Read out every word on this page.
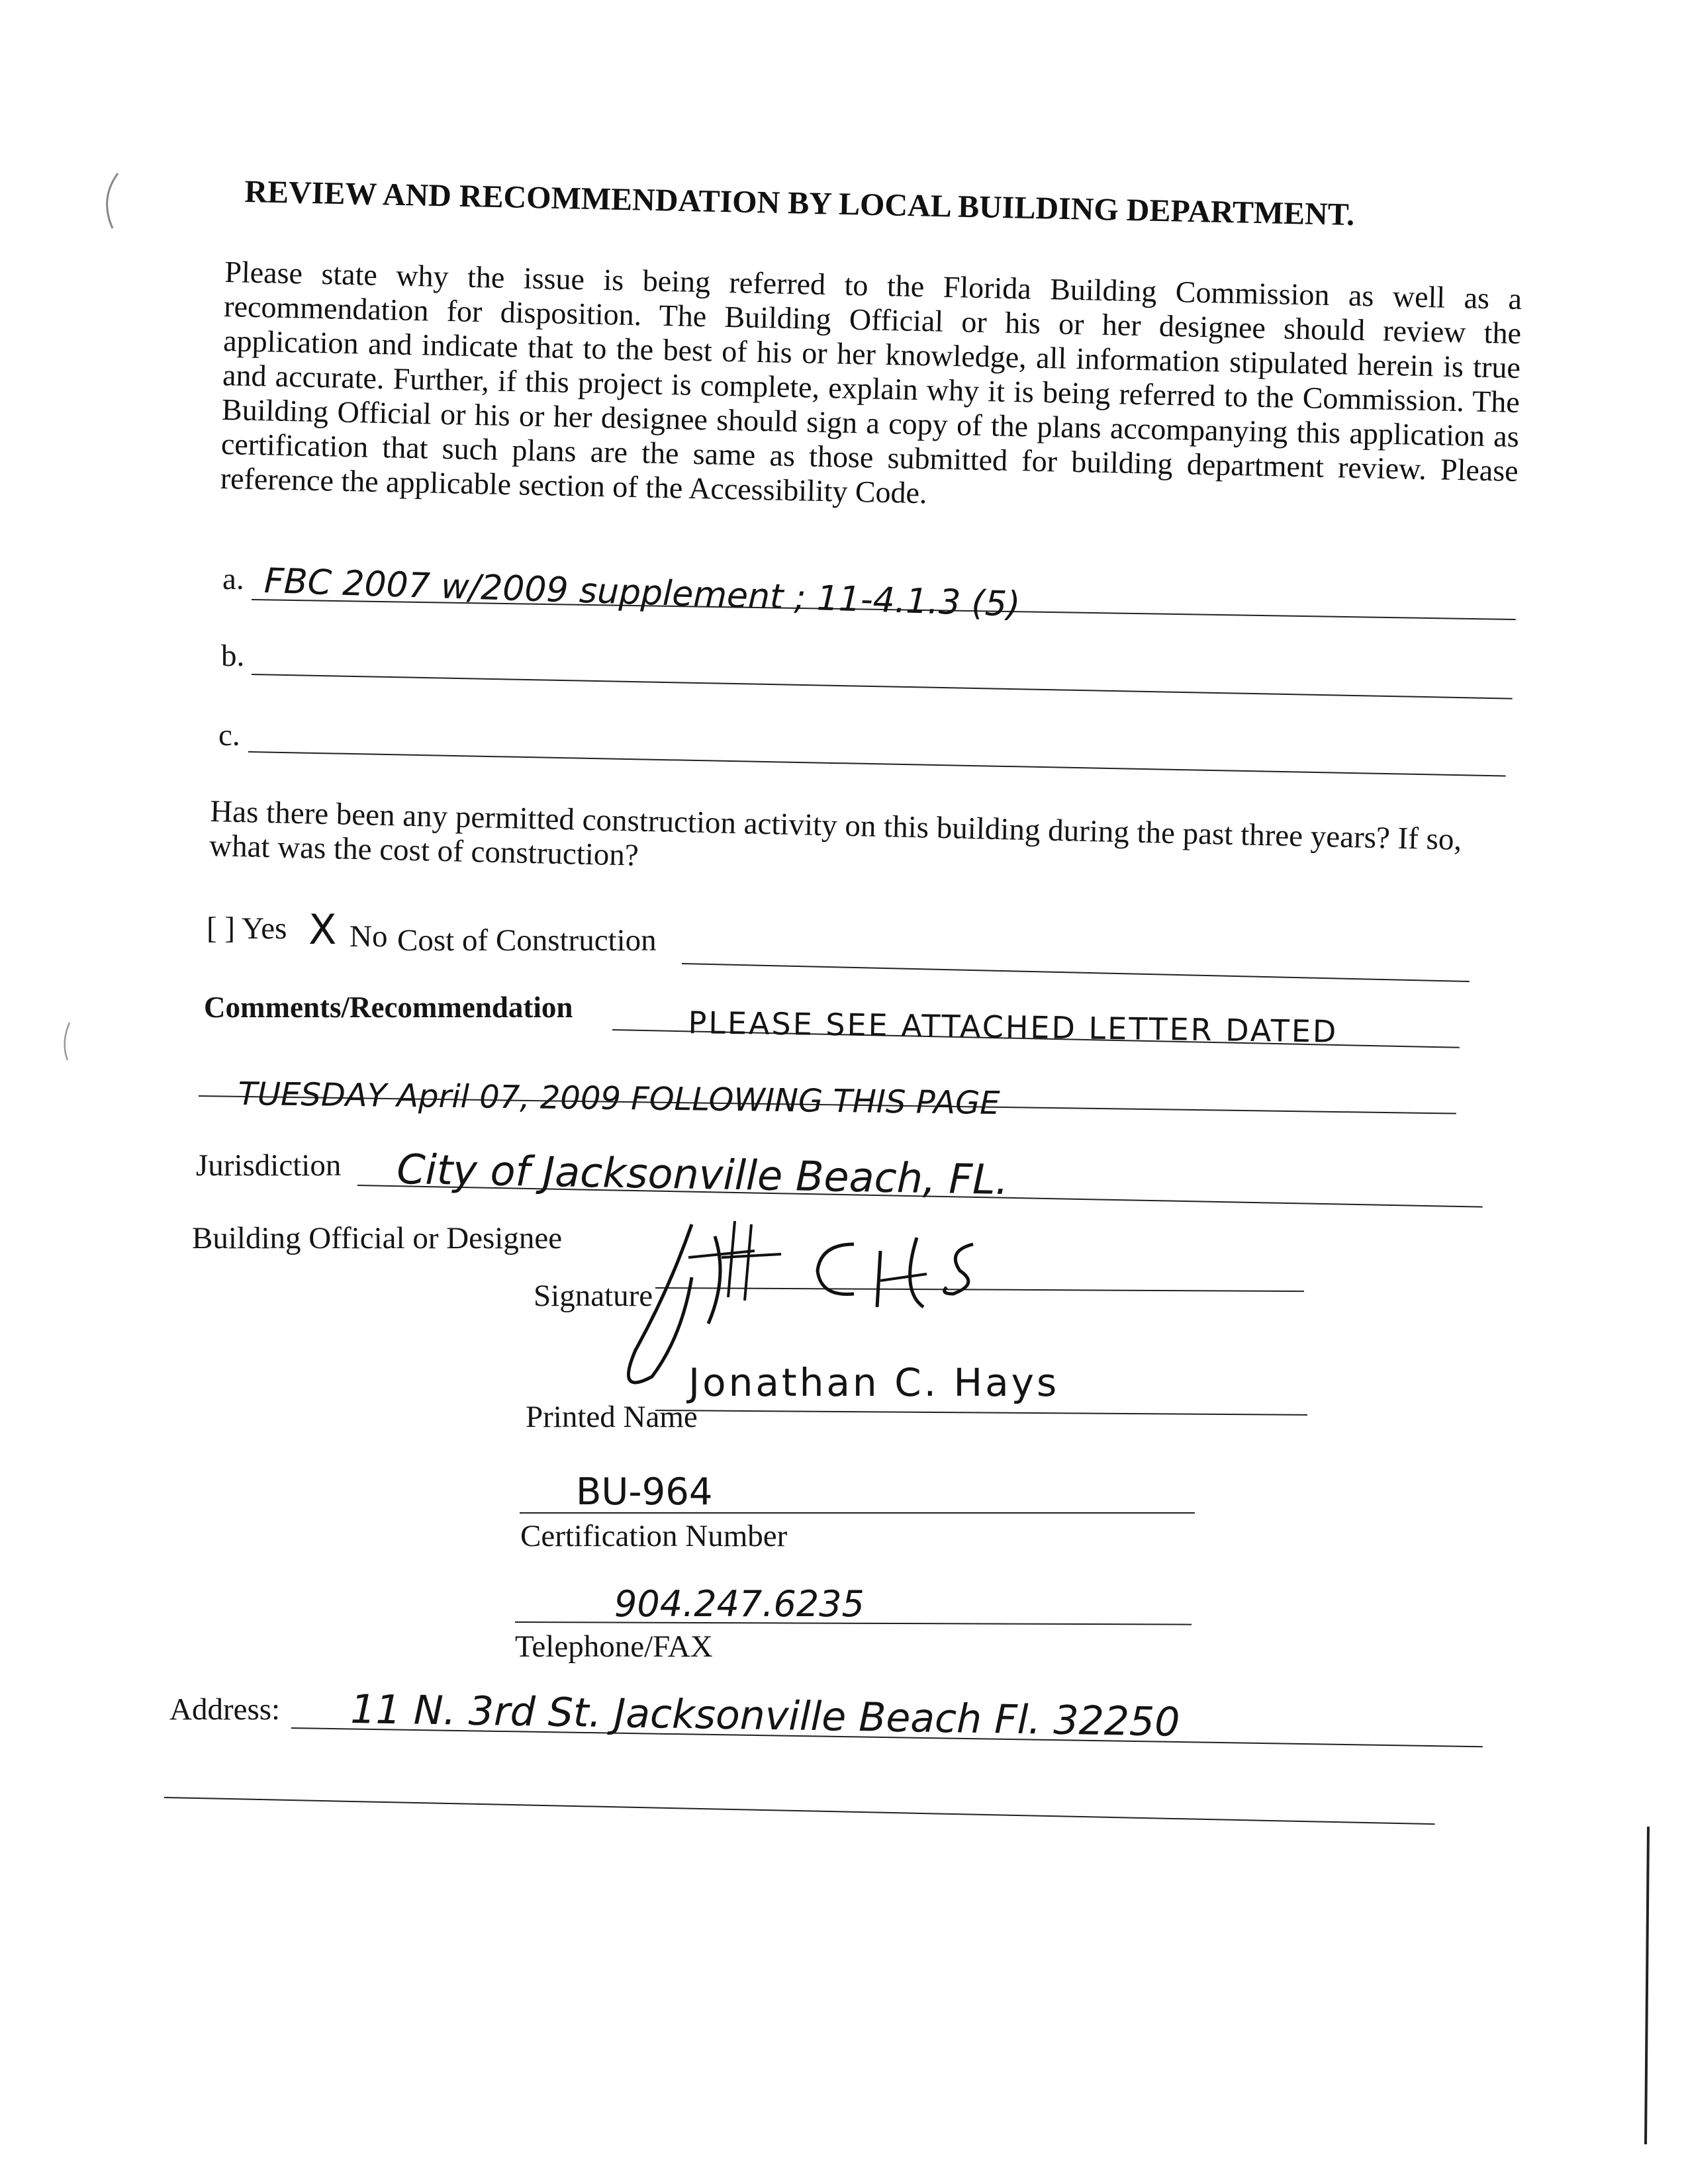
REVIEW AND RECOMMENDATION BY LOCAL BUILDING DEPARTMENT.

Please state why the issue is being referred to the Florida Building Commission as well as a recommendation for disposition. The Building Official or his or her designee should review the application and indicate that to the best of his or her knowledge, all information stipulated herein is true and accurate. Further, if this project is complete, explain why it is being referred to the Commission. The Building Official or his or her designee should sign a copy of the plans accompanying this application as certification that such plans are the same as those submitted for building department review. Please reference the applicable section of the Accessibility Code.

a. FBC 2007 w/2009 supplement ; 11-4.1.3 (5)
b.
c.
Has there been any permitted construction activity on this building during the past three years? If so, what was the cost of construction?
[ ] Yes No
X Cost of Construction
Comments/Recommendation	PLEASE SEE ATTACHED LETTER DATED
TUESDAY April 07, 2009 FOLLOWING THIS PAGE
Jurisdiction City of Jacksonville Beach, FL.
Building Official or Designee
Signature
Printed Name
Jonathan C. Hays
BU-964
Certification Number
904.247.6235
Telephone/FAX
Address: 11 N. 3rd St. Jacksonville Beach Fl. 32250
